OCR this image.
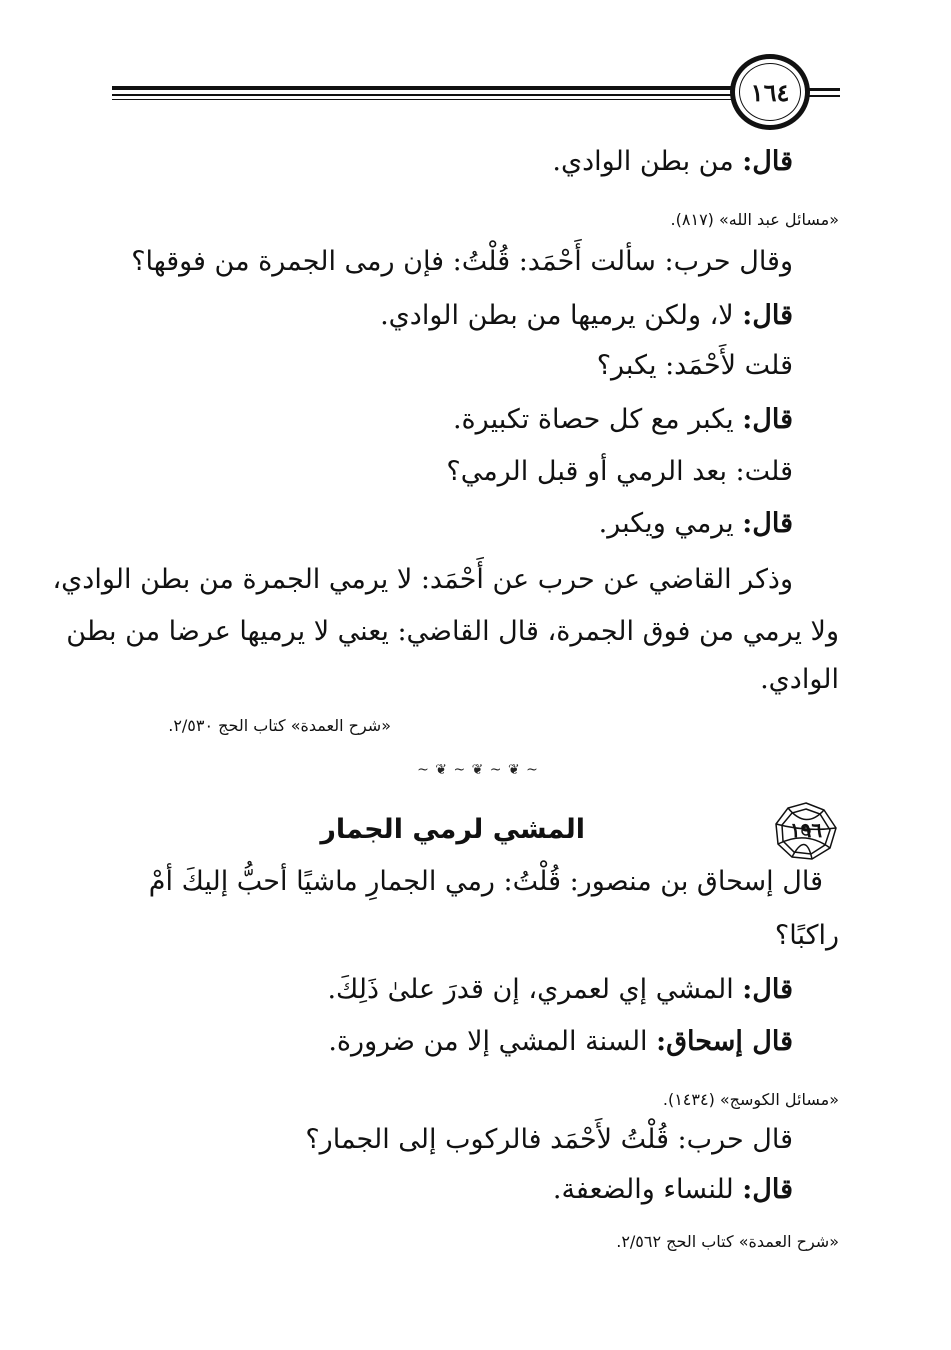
١٦٤
قال: من بطن الوادي.
«مسائل عبد الله» (٨١٧).
وقال حرب: سألت أَحْمَد: قُلْتُ: فإن رمى الجمرة من فوقها؟
قال: لا، ولكن يرميها من بطن الوادي.
قلت لأَحْمَد: يكبر؟
قال: يكبر مع كل حصاة تكبيرة.
قلت: بعد الرمي أو قبل الرمي؟
قال: يرمي ويكبر.
وذكر القاضي عن حرب عن أَحْمَد: لا يرمي الجمرة من بطن الوادي،
ولا يرمي من فوق الجمرة، قال القاضي: يعني لا يرميها عرضا من بطن
الوادي.
«شرح العمدة» كتاب الحج ٢/٥٣٠.
~ ❦ ~ ❦ ~ ❦ ~
١٩٦
المشي لرمي الجمار
قال إسحاق بن منصور: قُلْتُ: رمي الجمارِ ماشيًا أحبُّ إليكَ أمْ
راكبًا؟
قال: المشي إي لعمري، إن قدرَ علىٰ ذَلِكَ.
قال إسحاق: السنة المشي إلا من ضرورة.
«مسائل الكوسج» (١٤٣٤).
قال حرب: قُلْتُ لأَحْمَد فالركوب إلى الجمار؟
قال: للنساء والضعفة.
«شرح العمدة» كتاب الحج ٢/٥٦٢.
